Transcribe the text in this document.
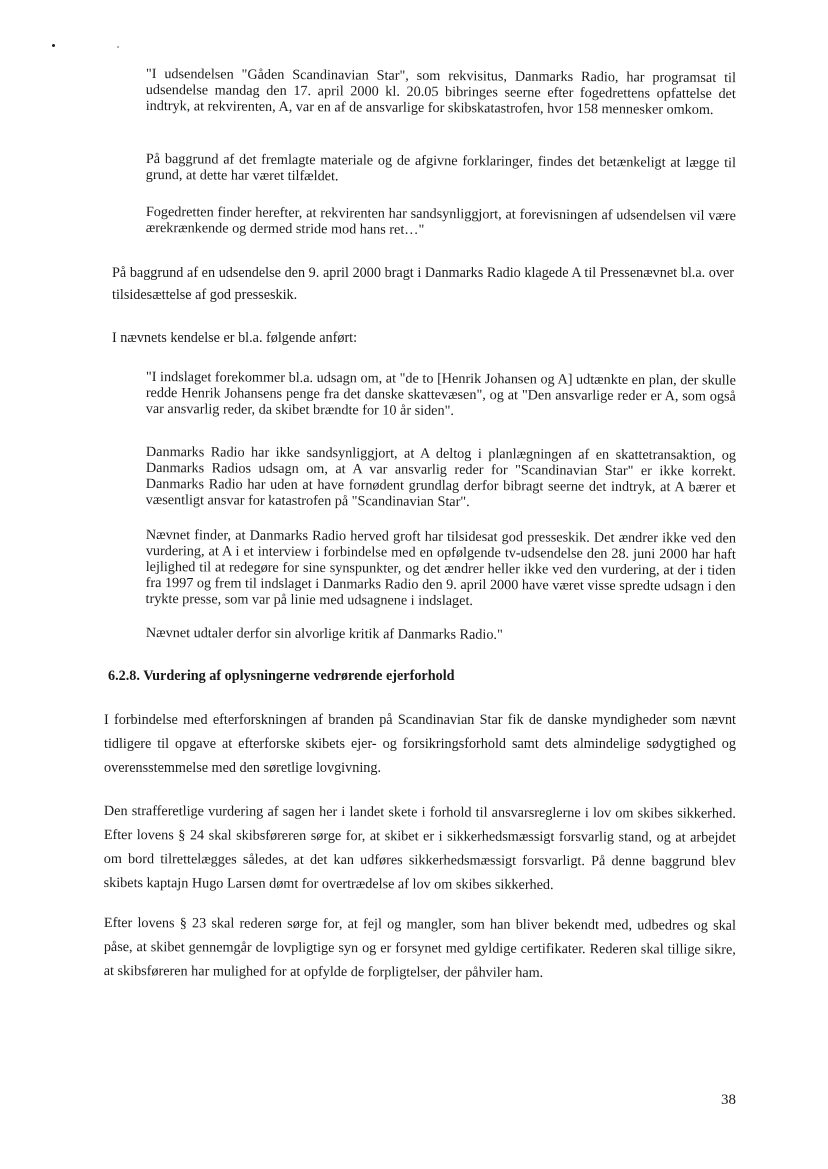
"I udsendelsen "Gåden Scandinavian Star", som rekvisitus, Danmarks Radio, har programsat til udsendelse mandag den 17. april 2000 kl. 20.05 bibringes seerne efter fogedrettens opfattelse det indtryk, at rekvirenten, A, var en af de ansvarlige for skibskatastrofen, hvor 158 mennesker omkom.
På baggrund af det fremlagte materiale og de afgivne forklaringer, findes det betænkeligt at lægge til grund, at dette har været tilfældet.
Fogedretten finder herefter, at rekvirenten har sandsynliggjort, at forevisningen af udsendelsen vil være ærekrænkende og dermed stride mod hans ret…"
På baggrund af en udsendelse den 9. april 2000 bragt i Danmarks Radio klagede A til Pressenævnet bl.a. over tilsidesættelse af god presseskik.
I nævnets kendelse er bl.a. følgende anført:
"I indslaget forekommer bl.a. udsagn om, at "de to [Henrik Johansen og A] udtænkte en plan, der skulle redde Henrik Johansens penge fra det danske skattevæsen", og at "Den ansvarlige reder er A, som også var ansvarlig reder, da skibet brændte for 10 år siden".
Danmarks Radio har ikke sandsynliggjort, at A deltog i planlægningen af en skattetransaktion, og Danmarks Radios udsagn om, at A var ansvarlig reder for "Scandinavian Star" er ikke korrekt. Danmarks Radio har uden at have fornødent grundlag derfor bibragt seerne det indtryk, at A bærer et væsentligt ansvar for katastrofen på "Scandinavian Star".
Nævnet finder, at Danmarks Radio herved groft har tilsidesat god presseskik. Det ændrer ikke ved den vurdering, at A i et interview i forbindelse med en opfølgende tv-udsendelse den 28. juni 2000 har haft lejlighed til at redegøre for sine synspunkter, og det ændrer heller ikke ved den vurdering, at der i tiden fra 1997 og frem til indslaget i Danmarks Radio den 9. april 2000 have været visse spredte udsagn i den trykte presse, som var på linie med udsagnene i indslaget.
Nævnet udtaler derfor sin alvorlige kritik af Danmarks Radio."
6.2.8. Vurdering af oplysningerne vedrørende ejerforhold
I forbindelse med efterforskningen af branden på Scandinavian Star fik de danske myndigheder som nævnt tidligere til opgave at efterforske skibets ejer- og forsikringsforhold samt dets almindelige sødygtighed og overensstemmelse med den søretlige lovgivning.
Den strafferetlige vurdering af sagen her i landet skete i forhold til ansvarsreglerne i lov om skibes sikkerhed. Efter lovens § 24 skal skibsføreren sørge for, at skibet er i sikkerhedsmæssigt forsvarlig stand, og at arbejdet om bord tilrettelægges således, at det kan udføres sikkerhedsmæssigt forsvarligt. På denne baggrund blev skibets kaptajn Hugo Larsen dømt for overtrædelse af lov om skibes sikkerhed.
Efter lovens § 23 skal rederen sørge for, at fejl og mangler, som han bliver bekendt med, udbedres og skal påse, at skibet gennemgår de lovpligtige syn og er forsynet med gyldige certifikater. Rederen skal tillige sikre, at skibsføreren har mulighed for at opfylde de forpligtelser, der påhviler ham.
38
